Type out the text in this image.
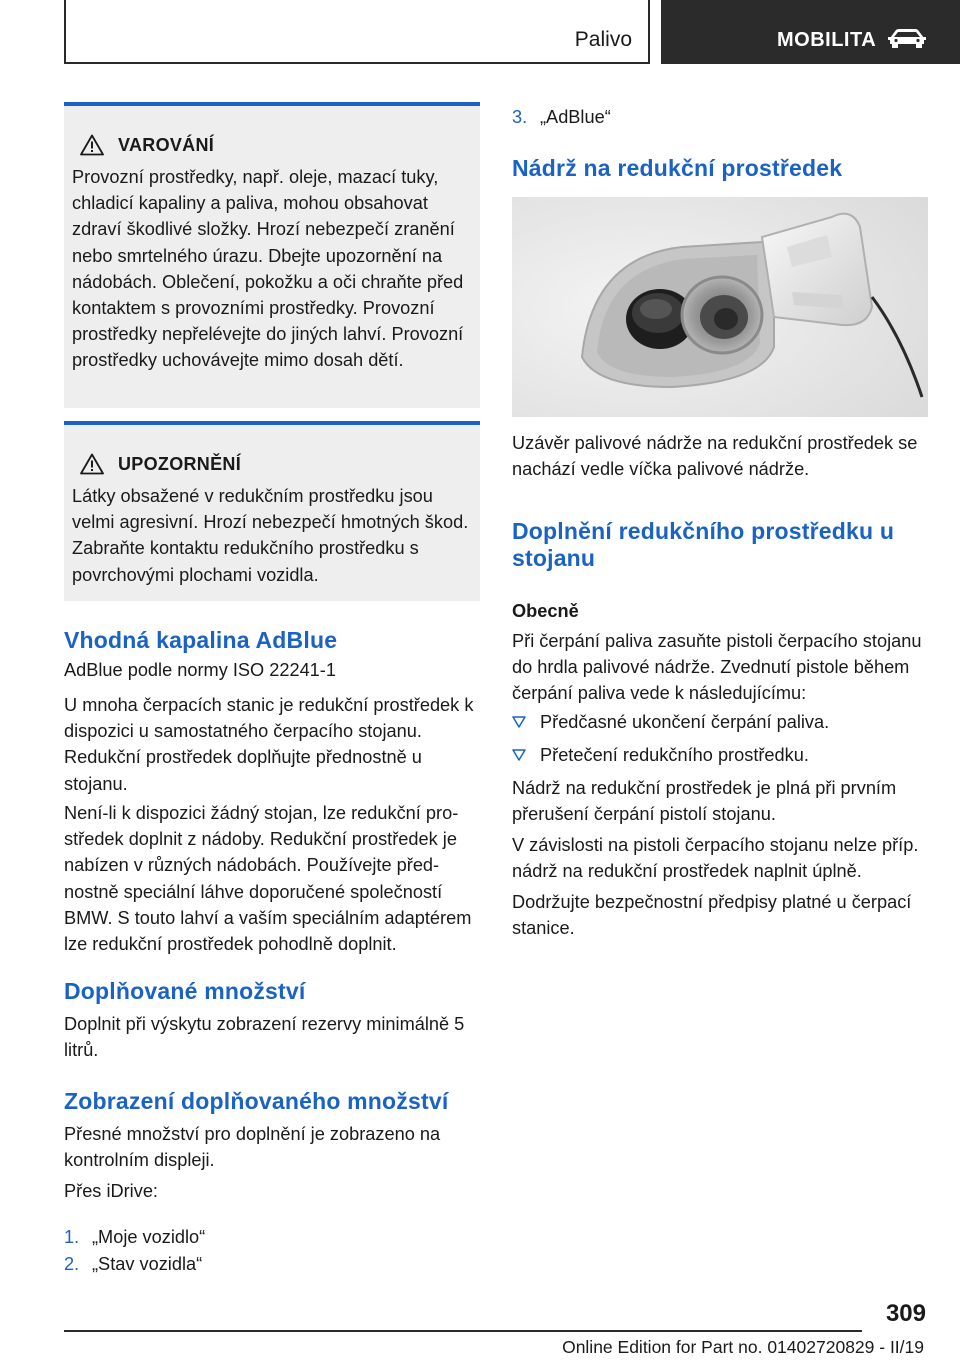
Palivo	MOBILITA
VAROVÁNÍ
Provozní prostředky, např. oleje, mazací tuky, chladicí kapaliny a paliva, mohou obsahovat zdraví škodlivé složky. Hrozí nebezpečí zranění nebo smrtelného úrazu. Dbejte upozornění na nádobách. Oblečení, pokožku a oči chraňte před kontaktem s provozními prostředky. Provozní prostředky nepřelévejte do jiných lahví. Provozní prostředky uchovávejte mimo dosah dětí.
UPOZORNĚNÍ
Látky obsažené v redukčním prostředku jsou velmi agresivní. Hrozí nebezpečí hmotných škod. Zabraňte kontaktu redukčního prostředku s povrchovými plochami vozidla.
Vhodná kapalina AdBlue
AdBlue podle normy ISO 22241-1
U mnoha čerpacích stanic je redukční prostředek k dispozici u samostatného čerpacího stojanu. Redukční prostředek doplňujte přednostně u stojanu.
Není-li k dispozici žádný stojan, lze redukční prostředek doplnit z nádoby. Redukční prostředek je nabízen v různých nádobách. Používejte přednostně speciální láhve doporučené společností BMW. S touto lahví a vaším speciálním adaptérem lze redukční prostředek pohodlně doplnit.
Doplňované množství
Doplnit při výskytu zobrazení rezervy minimálně 5 litrů.
Zobrazení doplňovaného množství
Přesné množství pro doplnění je zobrazeno na kontrolním displeji.
Přes iDrive:
1. „Moje vozidlo“
2. „Stav vozidla“
3. „AdBlue“
Nádrž na redukční prostředek
Uzávěr palivové nádrže na redukční prostředek se nachází vedle víčka palivové nádrže.
Doplnění redukčního prostředku u stojanu
Obecně
Při čerpání paliva zasuňte pistoli čerpacího stojanu do hrdla palivové nádrže. Zvednutí pistole během čerpání paliva vede k následujícímu:
Předčasné ukončení čerpání paliva.
Přetečení redukčního prostředku.
Nádrž na redukční prostředek je plná při prvním přerušení čerpání pistolí stojanu.
V závislosti na pistoli čerpacího stojanu nelze příp. nádrž na redukční prostředek naplnit úplně.
Dodržujte bezpečnostní předpisy platné u čerpací stanice.
309
Online Edition for Part no. 01402720829 - II/19
